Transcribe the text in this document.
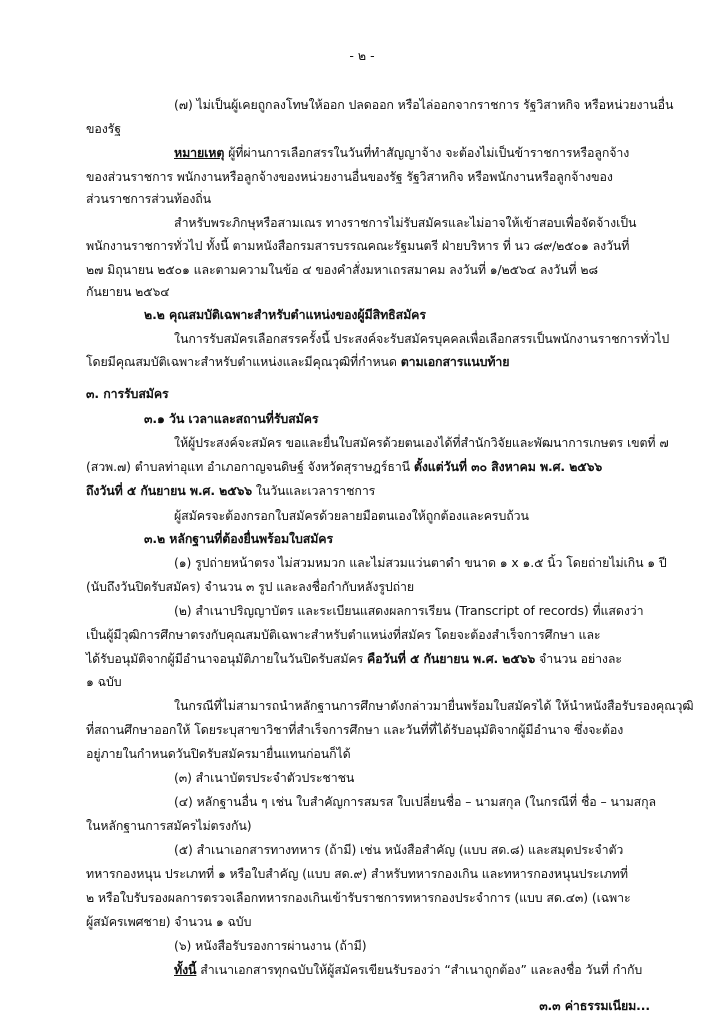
- ๒ -
(๗) ไม่เป็นผู้เคยถูกลงโทษให้ออก ปลดออก หรือไล่ออกจากราชการ รัฐวิสาหกิจ หรือหน่วยงานอื่น
ของรัฐ
หมายเหตุ ผู้ที่ผ่านการเลือกสรรในวันที่ทำสัญญาจ้าง จะต้องไม่เป็นข้าราชการหรือลูกจ้าง
ของส่วนราชการ พนักงานหรือลูกจ้างของหน่วยงานอื่นของรัฐ รัฐวิสาหกิจ หรือพนักงานหรือลูกจ้างของ
ส่วนราชการส่วนท้องถิ่น
สำหรับพระภิกษุหรือสามเณร ทางราชการไม่รับสมัครและไม่อาจให้เข้าสอบเพื่อจัดจ้างเป็น
พนักงานราชการทั่วไป ทั้งนี้ ตามหนังสือกรมสารบรรณคณะรัฐมนตรี ฝ่ายบริหาร ที่ นว ๘๙/๒๕๐๑ ลงวันที่
๒๗ มิถุนายน ๒๕๐๑ และตามความในข้อ ๔ ของคำสั่งมหาเถรสมาคม ลงวันที่ ๑/๒๕๖๔ ลงวันที่ ๒๘
กันยายน ๒๕๖๔
๒.๒ คุณสมบัติเฉพาะสำหรับตำแหน่งของผู้มีสิทธิสมัคร
ในการรับสมัครเลือกสรรครั้งนี้ ประสงค์จะรับสมัครบุคคลเพื่อเลือกสรรเป็นพนักงานราชการทั่วไป
โดยมีคุณสมบัติเฉพาะสำหรับตำแหน่งและมีคุณวุฒิที่กำหนด ตามเอกสารแนบท้าย
๓. การรับสมัคร
๓.๑ วัน เวลาและสถานที่รับสมัคร
ให้ผู้ประสงค์จะสมัคร ขอและยื่นใบสมัครด้วยตนเองได้ที่สำนักวิจัยและพัฒนาการเกษตร เขตที่ ๗
(สวพ.๗) ตำบลท่าอุแท อำเภอกาญจนดิษฐ์ จังหวัดสุราษฎร์ธานี ตั้งแต่วันที่ ๓๐ สิงหาคม พ.ศ. ๒๕๖๖
ถึงวันที่ ๕ กันยายน พ.ศ. ๒๕๖๖ ในวันและเวลาราชการ
ผู้สมัครจะต้องกรอกใบสมัครด้วยลายมือตนเองให้ถูกต้องและครบถ้วน
๓.๒ หลักฐานที่ต้องยื่นพร้อมใบสมัคร
(๑) รูปถ่ายหน้าตรง ไม่สวมหมวก และไม่สวมแว่นตาดำ ขนาด ๑ x ๑.๕ นิ้ว โดยถ่ายไม่เกิน ๑ ปี
(นับถึงวันปิดรับสมัคร) จำนวน ๓ รูป และลงชื่อกำกับหลังรูปถ่าย
(๒) สำเนาปริญญาบัตร และระเบียนแสดงผลการเรียน (Transcript of records) ที่แสดงว่า
เป็นผู้มีวุฒิการศึกษาตรงกับคุณสมบัติเฉพาะสำหรับตำแหน่งที่สมัคร โดยจะต้องสำเร็จการศึกษา และ
ได้รับอนุมัติจากผู้มีอำนาจอนุมัติภายในวันปิดรับสมัคร คือวันที่ ๕ กันยายน พ.ศ. ๒๕๖๖ จำนวน อย่างละ
๑ ฉบับ
ในกรณีที่ไม่สามารถนำหลักฐานการศึกษาดังกล่าวมายื่นพร้อมใบสมัครได้ ให้นำหนังสือรับรองคุณวุฒิ
ที่สถานศึกษาออกให้ โดยระบุสาขาวิชาที่สำเร็จการศึกษา และวันที่ที่ได้รับอนุมัติจากผู้มีอำนาจ ซึ่งจะต้อง
อยู่ภายในกำหนดวันปิดรับสมัครมายื่นแทนก่อนก็ได้
(๓) สำเนาบัตรประจำตัวประชาชน
(๔) หลักฐานอื่น ๆ เช่น ใบสำคัญการสมรส ใบเปลี่ยนชื่อ – นามสกุล (ในกรณีที่ ชื่อ – นามสกุล
ในหลักฐานการสมัครไม่ตรงกัน)
(๕) สำเนาเอกสารทางทหาร (ถ้ามี) เช่น หนังสือสำคัญ (แบบ สด.๘) และสมุดประจำตัว
ทหารกองหนุน ประเภทที่ ๑ หรือใบสำคัญ (แบบ สด.๙) สำหรับทหารกองเกิน และทหารกองหนุนประเภทที่
๒ หรือใบรับรองผลการตรวจเลือกทหารกองเกินเข้ารับราชการทหารกองประจำการ (แบบ สด.๔๓) (เฉพาะ
ผู้สมัครเพศชาย) จำนวน ๑ ฉบับ
(๖) หนังสือรับรองการผ่านงาน (ถ้ามี)
ทั้งนี้ สำเนาเอกสารทุกฉบับให้ผู้สมัครเขียนรับรองว่า “สำเนาถูกต้อง” และลงชื่อ วันที่ กำกับ
๓.๓ ค่าธรรมเนียม...
